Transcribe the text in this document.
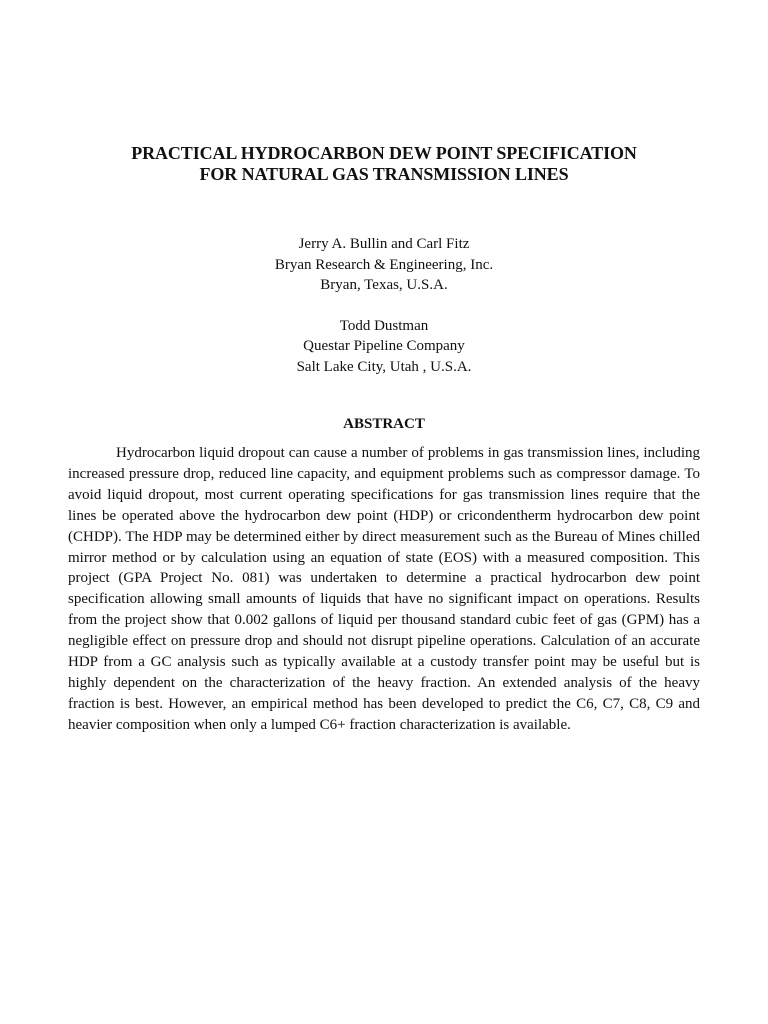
PRACTICAL HYDROCARBON DEW POINT SPECIFICATION
FOR NATURAL GAS TRANSMISSION LINES
Jerry A. Bullin and Carl Fitz
Bryan Research & Engineering, Inc.
Bryan, Texas, U.S.A.
Todd Dustman
Questar Pipeline Company
Salt Lake City, Utah , U.S.A.
ABSTRACT

Hydrocarbon liquid dropout can cause a number of problems in gas transmission lines, including increased pressure drop, reduced line capacity, and equipment problems such as compressor damage. To avoid liquid dropout, most current operating specifications for gas transmission lines require that the lines be operated above the hydrocarbon dew point (HDP) or cricondentherm hydrocarbon dew point (CHDP). The HDP may be determined either by direct measurement such as the Bureau of Mines chilled mirror method or by calculation using an equation of state (EOS) with a measured composition. This project (GPA Project No. 081) was undertaken to determine a practical hydrocarbon dew point specification allowing small amounts of liquids that have no significant impact on operations. Results from the project show that 0.002 gallons of liquid per thousand standard cubic feet of gas (GPM) has a negligible effect on pressure drop and should not disrupt pipeline operations. Calculation of an accurate HDP from a GC analysis such as typically available at a custody transfer point may be useful but is highly dependent on the characterization of the heavy fraction. An extended analysis of the heavy fraction is best. However, an empirical method has been developed to predict the C6, C7, C8, C9 and heavier composition when only a lumped C6+ fraction characterization is available.
